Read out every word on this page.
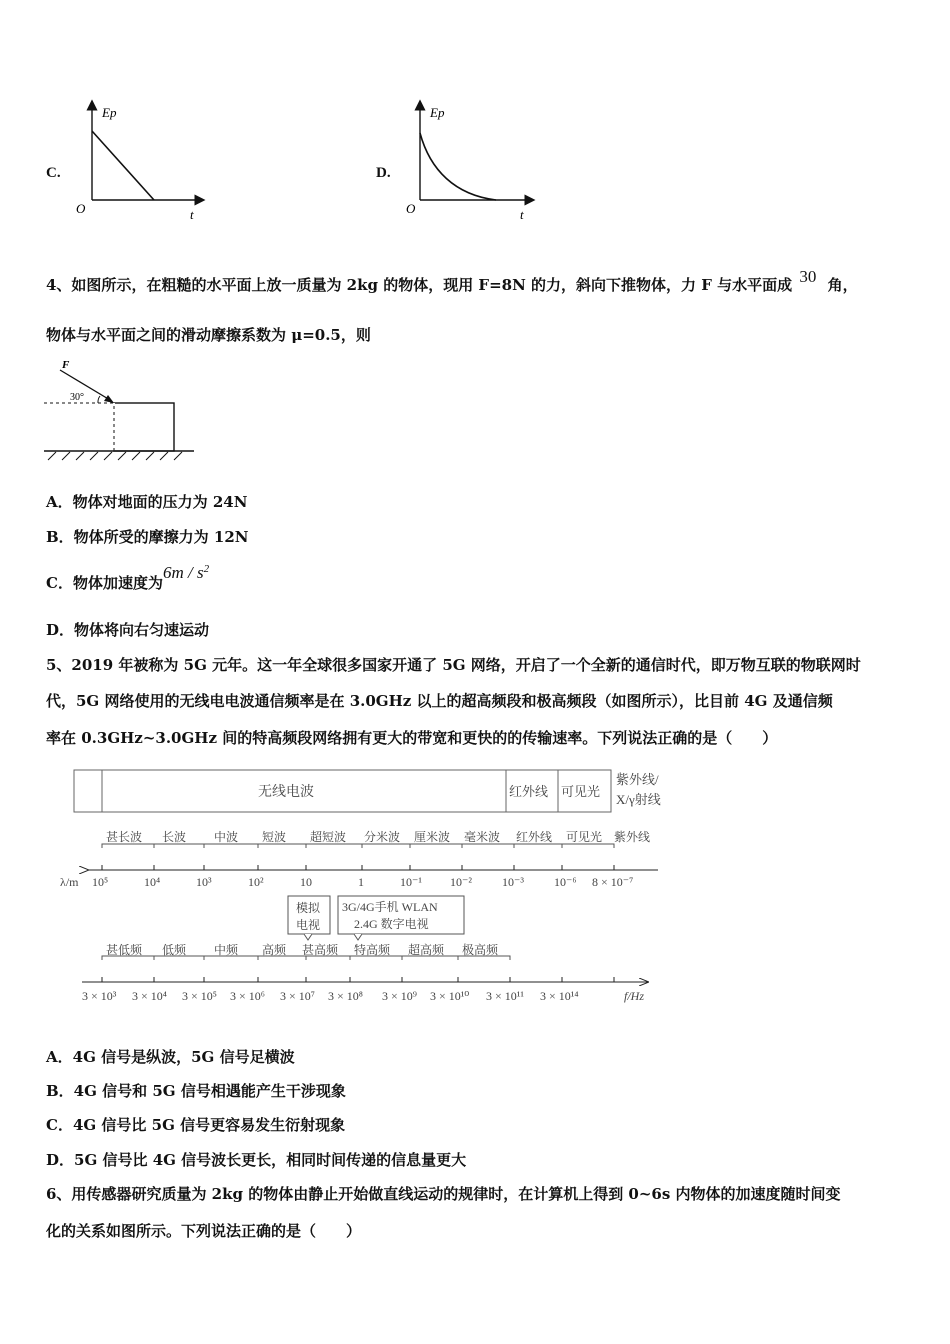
C.
Ep
t
O
D.
Ep
t
O
4、如图所示，在粗糙的水平面上放一质量为 2kg 的物体，现用 F=8N 的力，斜向下推物体，力 F 与水平面成 30 角，
物体与水平面之间的滑动摩擦系数为 μ=0.5，则
F
30°
A．物体对地面的压力为 24N
B．物体所受的摩擦力为 12N
C．物体加速度为$6m / s^2$
D．物体将向右匀速运动
5、2019 年被称为 5G 元年。这一年全球很多国家开通了 5G 网络，开启了一个全新的通信时代，即万物互联的物联网时
代，5G 网络使用的无线电电波通信频率是在 3.0GHz 以上的超高频段和极高频段（如图所示），比目前 4G 及通信频
率在 0.3GHz~3.0GHz 间的特高频段网络拥有更大的带宽和更快的的传输速率。下列说法正确的是（　　）
无线电波	红外线 可见光
紫外线/
X/γ射线
甚长波 长波 中波 短波 超短波 分米波 厘米波 毫米波 红外线 可见光 紫外线
λ/m 10⁵	10⁴	10³	10²	10	1	10⁻¹ 10⁻²	10⁻³	10⁻⁶ 8 × 10⁻⁷
模拟
电视
3G/4G手机 WLAN
2.4G 数字电视
甚低频 低频 中频 高频 甚高频 特高频 超高频 极高频
3 × 10³ 3 × 10⁴ 3 × 10⁵ 3 × 10⁶ 3 × 10⁷ 3 × 10⁸ 3 × 10⁹ 3 × 10¹⁰ 3 × 10¹¹ 3 × 10¹⁴	f/Hz
A．4G 信号是纵波，5G 信号足横波
B．4G 信号和 5G 信号相遇能产生干涉现象
C．4G 信号比 5G 信号更容易发生衍射现象
D．5G 信号比 4G 信号波长更长，相同时间传递的信息量更大
6、用传感器研究质量为 2kg 的物体由静止开始做直线运动的规律时，在计算机上得到 0~6s 内物体的加速度随时间变
化的关系如图所示。下列说法正确的是（　　）
